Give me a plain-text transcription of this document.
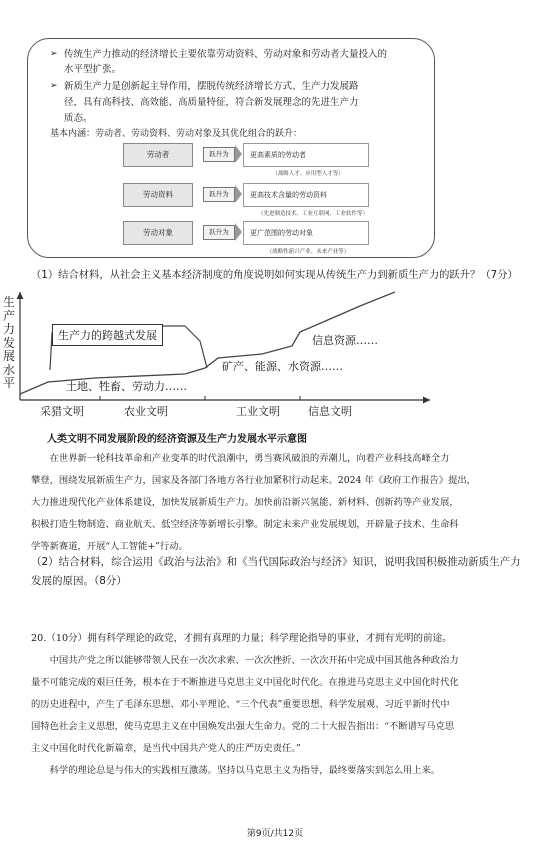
➢ 传统生产力推动的经济增长主要依靠劳动资料、劳动对象和劳动者大量投入的
水平型扩张。
➢ 新质生产力是创新起主导作用，摆脱传统经济增长方式、生产力发展路
径，具有高科技、高效能、高质量特征，符合新发展理念的先进生产力
质态。
基本内涵：劳动者、劳动资料、劳动对象及其优化组合的跃升：
劳动者	跃升为	更高素质的劳动者
（战略人才、应用型人才等）
劳动资料	跃升为	更高技术含量的劳动资料
（先进制造技术、工业互联网、工业软件等）
劳动对象	跃升为	更广范围的劳动对象
（战略性新兴产业、未来产业等）
（1）结合材料，从社会主义基本经济制度的角度说明如何实现从传统生产力到新质生产力的跃升？（7分）
生产力发展水平
生产力的跨越式发展	信息资源……
矿产、能源、水资源……
土地、牲畜、劳动力……
采猎文明	农业文明	工业文明	信息文明
人类文明不同发展阶段的经济资源及生产力发展水平示意图
在世界新一轮科技革命和产业变革的时代浪潮中，勇当赛风破浪的弄潮儿，向着产业科技高峰全力
攀登，围绕发展新质生产力，国家及各部门各地方各行业加紧积行动起来。2024 年《政府工作报告》提出，
大力推进现代化产业体系建设，加快发展新质生产力。加快前沿新兴氢能、新材料、创新药等产业发展，
积极打造生物制造、商业航天、低空经济等新增长引擎。制定未来产业发展规划，开辟量子技术、生命科
学等新赛道，开展“人工智能+”行动。
（2）结合材料，综合运用《政治与法治》和《当代国际政治与经济》知识，说明我国积极推动新质生产力
发展的原因。（8分）
20.（10分）拥有科学理论的政党，才拥有真理的力量；科学理论指导的事业，才拥有光明的前途。
中国共产党之所以能够带领人民在一次次求索、一次次挫折、一次次开拓中完成中国其他各种政治力
量不可能完成的艰巨任务，根本在于不断推进马克思主义中国化时代化。在推进马克思主义中国化时代化
的历史进程中，产生了毛泽东思想、邓小平理论、“三个代表”重要思想、科学发展观、习近平新时代中
国特色社会主义思想，使马克思主义在中国焕发出强大生命力。党的二十大报告指出：“不断谱写马克思
主义中国化时代化新篇章，是当代中国共产党人的庄严历史责任。”
科学的理论总是与伟大的实践相互激荡。坚持以马克思主义为指导，最终要落实到怎么用上来。
第9页/共12页
